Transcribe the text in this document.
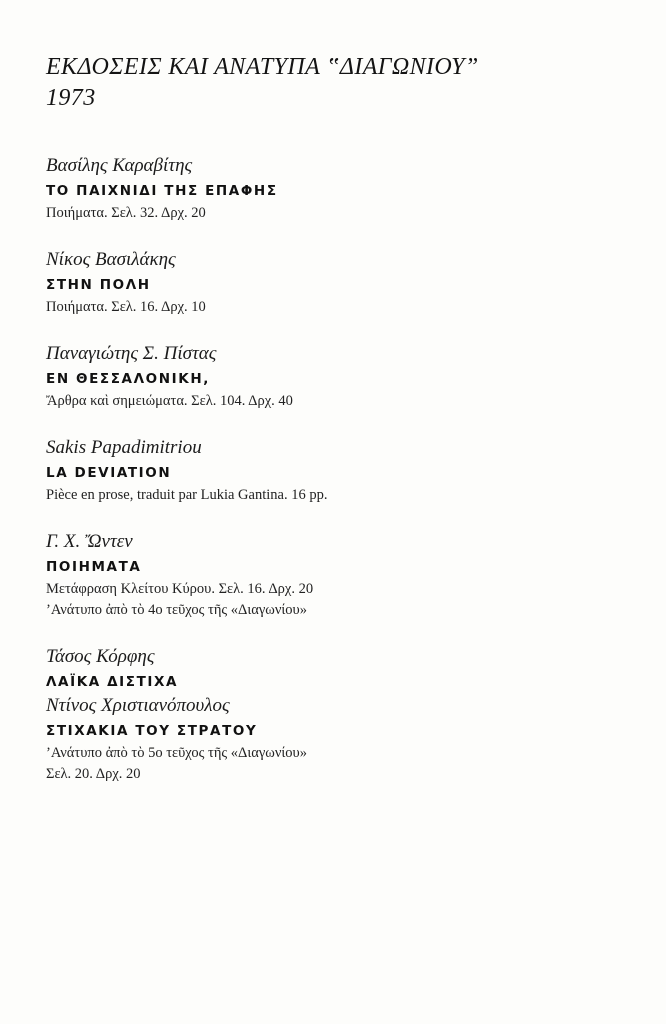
ΕΚΔΟΣΕΙΣ ΚΑΙ ΑΝΑΤΥΠΑ ‟ΔΙΑΓΩΝΙΟΥ”
1973
Βασίλης Καραβίτης
ΤΟ ΠΑΙΧΝΙΔΙ ΤΗΣ ΕΠΑΦΗΣ
Ποιήματα. Σελ. 32. Δρχ. 20
Νίκος Βασιλάκης
ΣΤΗΝ ΠΟΛΗ
Ποιήματα. Σελ. 16. Δρχ. 10
Παναγιώτης Σ. Πίστας
ΕΝ ΘΕΣΣΑΛΟΝΙΚΗ,
Ἄρθρα καὶ σημειώματα. Σελ. 104. Δρχ. 40
Sakis Papadimitriou
LA DEVIATION
Pièce en prose, traduit par Lukia Gantina. 16 pp.
Γ. Χ. Ὤντεν
ΠΟΙΗΜΑΤΑ
Μετάφραση Κλείτου Κύρου. Σελ. 16. Δρχ. 20
’Ανάτυπο ἀπὸ τὸ 4ο τεῦχος τῆς «Διαγωνίου»
Τάσος Κόρφης
ΛΑΪΚΑ ΔΙΣΤΙΧΑ
Ντίνος Χριστιανόπουλος
ΣΤΙΧΑΚΙΑ ΤΟΥ ΣΤΡΑΤΟΥ
’Ανάτυπο ἀπὸ τὸ 5ο τεῦχος τῆς «Διαγωνίου»
Σελ. 20. Δρχ. 20
